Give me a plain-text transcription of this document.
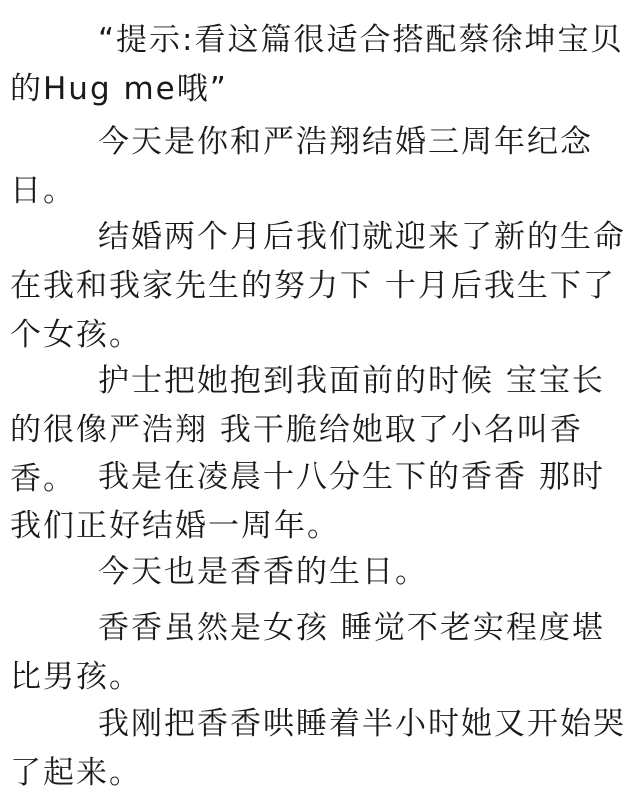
“提示:看这篇很适合搭配蔡徐坤宝贝的Hug me哦”

今天是你和严浩翔结婚三周年纪念日。

结婚两个月后我们就迎来了新的生命在我和我家先生的努力下 十月后我生下了个女孩。

护士把她抱到我面前的时候 宝宝长的很像严浩翔 我干脆给她取了小名叫香香。 我是在凌晨十八分生下的香香 那时我们正好结婚一周年。

今天也是香香的生日。

香香虽然是女孩 睡觉不老实程度堪比男孩。

我刚把香香哄睡着半小时她又开始哭了起来。
